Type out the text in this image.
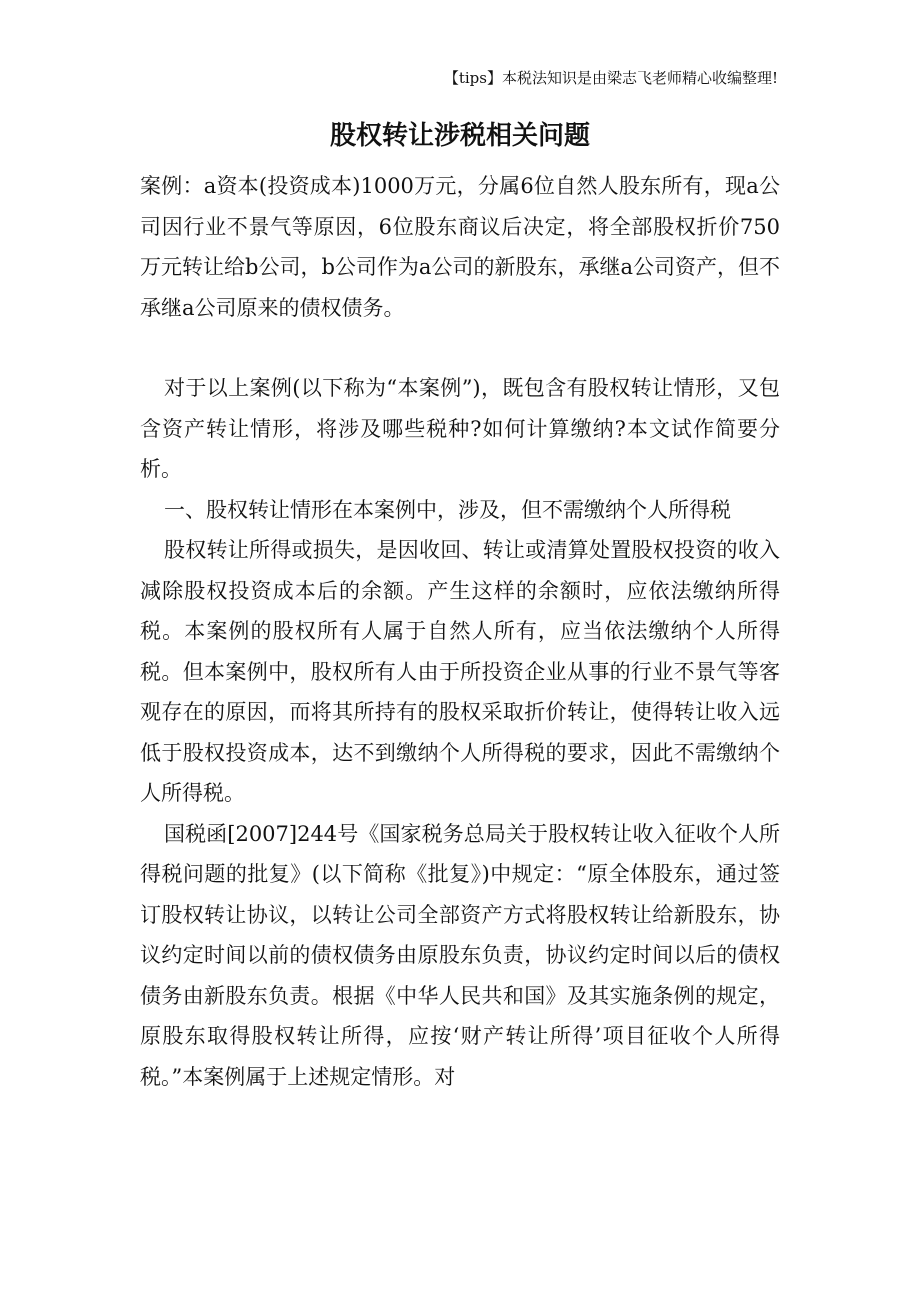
【tips】本税法知识是由梁志飞老师精心收编整理!
股权转让涉税相关问题

案例：a资本(投资成本)1000万元，分属6位自然人股东所有，现a公司因行业不景气等原因，6位股东商议后决定，将全部股权折价750万元转让给b公司，b公司作为a公司的新股东，承继a公司资产，但不承继a公司原来的债权债务。

对于以上案例(以下称为“本案例”)，既包含有股权转让情形，又包含资产转让情形，将涉及哪些税种?如何计算缴纳?本文试作简要分析。

一、股权转让情形在本案例中，涉及，但不需缴纳个人所得税

股权转让所得或损失，是因收回、转让或清算处置股权投资的收入减除股权投资成本后的余额。产生这样的余额时，应依法缴纳所得税。本案例的股权所有人属于自然人所有，应当依法缴纳个人所得税。但本案例中，股权所有人由于所投资企业从事的行业不景气等客观存在的原因，而将其所持有的股权采取折价转让，使得转让收入远低于股权投资成本，达不到缴纳个人所得税的要求，因此不需缴纳个人所得税。

国税函[2007]244号《国家税务总局关于股权转让收入征收个人所得税问题的批复》(以下简称《批复》)中规定：“原全体股东，通过签订股权转让协议，以转让公司全部资产方式将股权转让给新股东，协议约定时间以前的债权债务由原股东负责，协议约定时间以后的债权债务由新股东负责。根据《中华人民共和国》及其实施条例的规定，原股东取得股权转让所得，应按‘财产转让所得’项目征收个人所得税。”本案例属于上述规定情形。对
